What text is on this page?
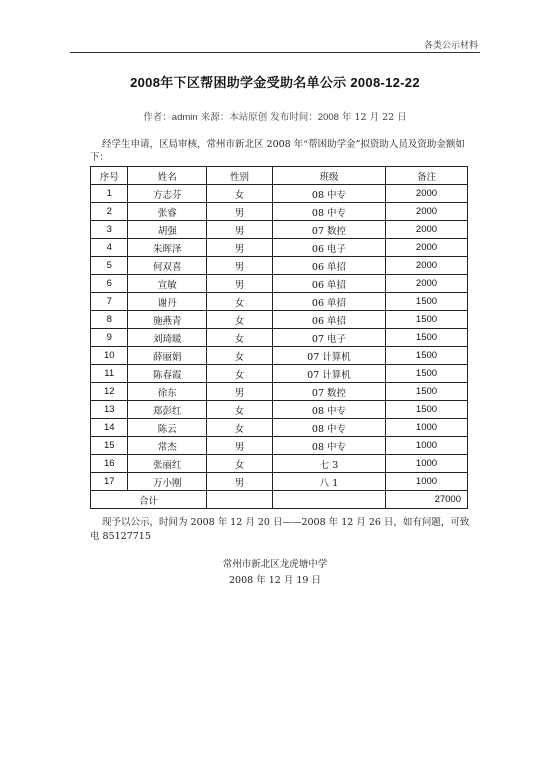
各类公示材料
2008年下区帮困助学金受助名单公示 2008-12-22
作者：admin 来源：本站原创 发布时间：2008 年 12 月 22 日
经学生申请，区局审核，常州市新北区 2008 年“帮困助学金”拟资助人员及资助金额如下：
序号	姓名	性别	班级	备注
1	方志芬	女	08 中专	2000
2	张睿	男	08 中专	2000
3	胡强	男	07 数控	2000
4	朱晖泽	男	06 电子	2000
5	何双喜	男	06 单招	2000
6	宣敏	男	06 单招	2000
7	谢丹	女	06 单招	1500
8	施燕青	女	06 单招	1500
9	刘琦暖	女	07 电子	1500
10	薛丽娟	女	07 计算机	1500
11	陈春霞	女	07 计算机	1500
12	徐东	男	07 数控	1500
13	郑彭红	女	08 中专	1500
14	陈云	女	08 中专	1000
15	常杰	男	08 中专	1000
16	张丽红	女	七 3	1000
17	万小刚	男	八 1	1000
合计				27000
现予以公示，时间为 2008 年 12 月 20 日——2008 年 12 月 26 日，如有问题，可致电 85127715
常州市新北区龙虎塘中学
2008 年 12 月 19 日
